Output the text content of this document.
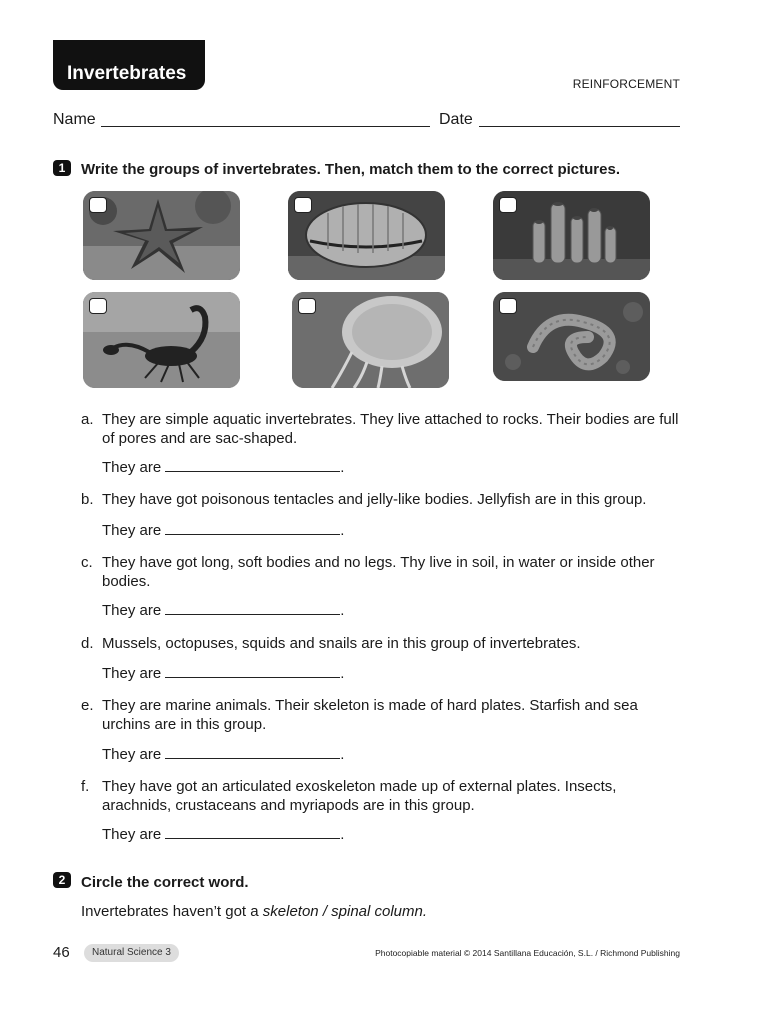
Invertebrates	REINFORCEMENT
Name	Date
1	Write the groups of invertebrates. Then, match them to the correct pictures.
a. They are simple aquatic invertebrates. They live attached to rocks. Their bodies are full of pores and are sac-shaped.
They are	.
b. They have got poisonous tentacles and jelly-like bodies. Jellyfish are in this group.
They are	.
c. They have got long, soft bodies and no legs. Thy live in soil, in water or inside other bodies.
They are	.
d. Mussels, octopuses, squids and snails are in this group of invertebrates.
They are	.
e. They are marine animals. Their skeleton is made of hard plates. Starfish and sea urchins are in this group.
They are	.
f. They have got an articulated exoskeleton made up of external plates. Insects, arachnids, crustaceans and myriapods are in this group.
They are	.
2	Circle the correct word.
Invertebrates haven’t got a skeleton / spinal column.
46	Natural Science 3	Photocopiable material © 2014 Santillana Educación, S.L. / Richmond Publishing
